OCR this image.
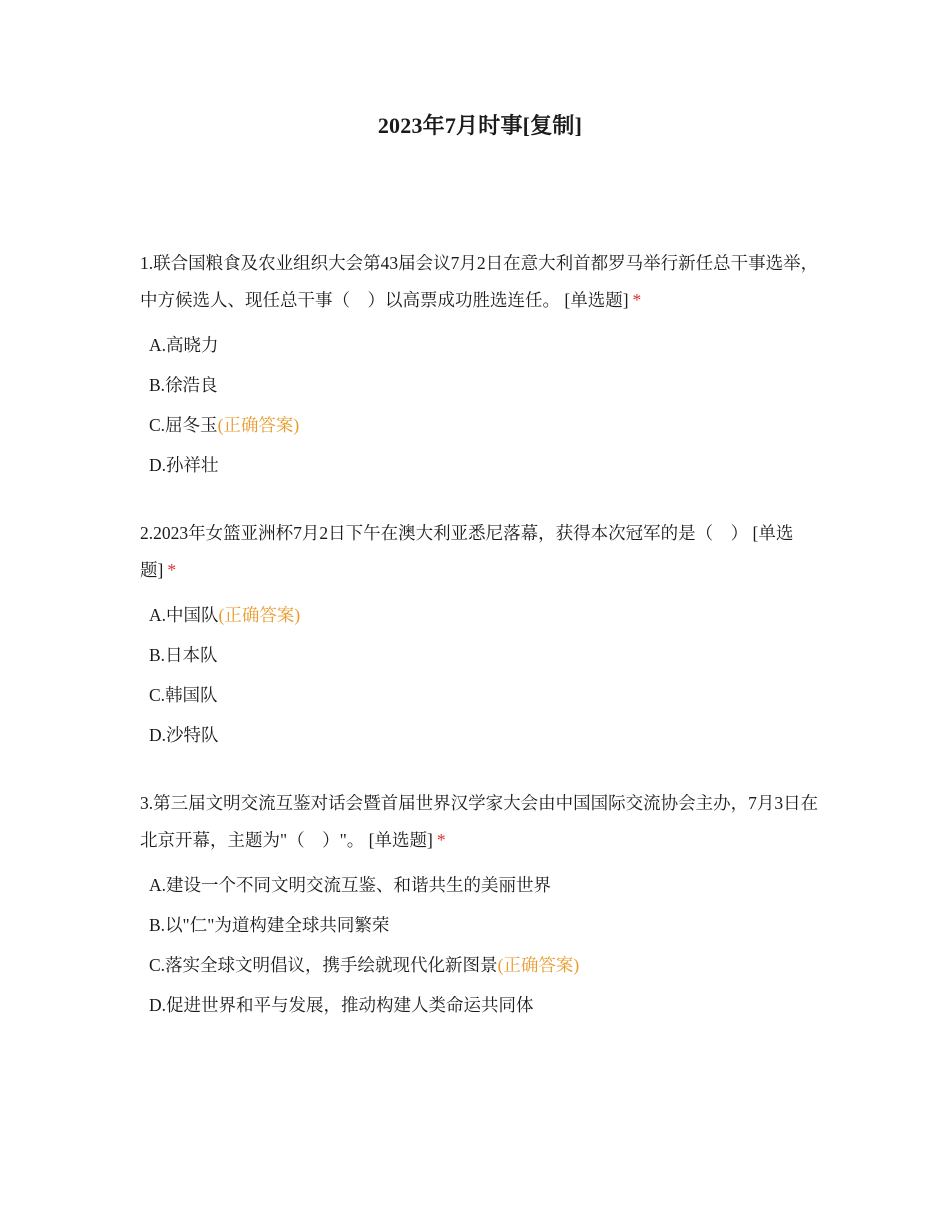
2023年7月时事[复制]

1.联合国粮食及农业组织大会第43届会议7月2日在意大利首都罗马举行新任总干事选举，中方候选人、现任总干事（　）以高票成功胜选连任。 [单选题] *

A.高晓力
B.徐浩良
C.屈冬玉(正确答案)
D.孙祥壮

2.2023年女篮亚洲杯7月2日下午在澳大利亚悉尼落幕，获得本次冠军的是（　） [单选题] *

A.中国队(正确答案)
B.日本队
C.韩国队
D.沙特队

3.第三届文明交流互鉴对话会暨首届世界汉学家大会由中国国际交流协会主办，7月3日在北京开幕，主题为"（　）"。 [单选题] *

A.建设一个不同文明交流互鉴、和谐共生的美丽世界
B.以"仁"为道构建全球共同繁荣
C.落实全球文明倡议，携手绘就现代化新图景(正确答案)
D.促进世界和平与发展，推动构建人类命运共同体
